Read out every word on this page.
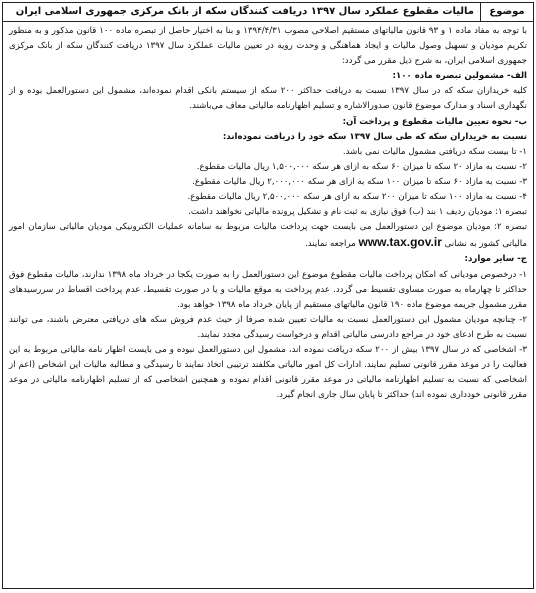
موضوع
مالیات مقطوع عملکرد سال ۱۳۹۷ دریافت کنندگان سکه از بانک مرکزی جمهوری اسلامی ایران

با توجه به مفاد ماده ۱ و ۹۳ قانون مالیاتهای مستقیم اصلاحی مصوب ۱۳۹۴/۴/۳۱ و بنا به اختیار حاصل از تبصره ماده ۱۰۰ قانون مذکور و به منظور تکریم مودیان و تسهیل وصول مالیات و ایجاد هماهنگی و وحدت رویه در تعیین مالیات عملکرد سال ۱۳۹۷ دریافت کنندگان سکه از بانک مرکزی جمهوری اسلامی ایران، به شرح ذیل مقرر می گردد:

الف- مشمولین تبصره ماده ۱۰۰:

کلیه خریداران سکه که در سال ۱۳۹۷ نسبت به دریافت حداکثر ۲۰۰ سکه از سیستم بانکی اقدام نموده‌اند، مشمول این دستورالعمل بوده و از نگهداری اسناد و مدارک موضوع قانون صدورالاشاره و تسلیم اظهارنامه مالیاتی معاف می‌باشند.

ب- نحوه تعیین مالیات مقطوع و پرداخت آن:

نسبت به خریداران سکه که طی سال ۱۳۹۷ سکه خود را دریافت نموده‌اند:

۱- تا بیست سکه دریافتی مشمول مالیات نمی باشد.

۲- نسبت به مازاد ۲۰ سکه تا میزان ۶۰ سکه به ازای هر سکه ۱,۵۰۰,۰۰۰ ریال مالیات مقطوع.

۳- نسبت به مازاد ۶۰ سکه تا میزان ۱۰۰ سکه به ازای هر سکه ۲,۰۰۰,۰۰۰ ریال مالیات مقطوع.

۴- نسبت به مازاد ۱۰۰ سکه تا میزان ۲۰۰ سکه به ازای هر سکه ۲,۵۰۰,۰۰۰ ریال مالیات مقطوع.

تبصره ۱: مودیان ردیف ۱ بند (ب) فوق نیازی به ثبت نام و تشکیل پرونده مالیاتی نخواهند داشت.

تبصره ۲: مودیان موضوع این دستورالعمل می بایست جهت پرداخت مالیات مربوط به سامانه عملیات الکترونیکی مودیان مالیاتی سازمان امور مالیاتی کشور به نشانی www.tax.gov.ir مراجعه نمایند.

ج- سایر موارد:

۱- درخصوص مودیانی که امکان پرداخت مالیات مقطوع موضوع این دستورالعمل را به صورت یکجا در خرداد ماه ۱۳۹۸ ندارند، مالیات مقطوع فوق حداکثر تا چهارماه به صورت مساوی تقسیط می گردد. عدم پرداخت به موقع مالیات و یا در صورت تقسیط، عدم پرداخت اقساط در سررسیدهای مقرر مشمول جریمه موضوع ماده ۱۹۰ قانون مالیاتهای مستقیم از پایان خرداد ماه ۱۳۹۸ خواهد بود.

۲- چنانچه مودیان مشمول این دستورالعمل نسبت به مالیات تعیین شده صرفا از حیث عدم فروش سکه های دریافتی معترض باشند، می توانند نسبت به طرح ادعای خود در مراجع دادرسی مالیاتی اقدام و درخواست رسیدگی مجدد نمایند.

۳- اشخاصی که در سال ۱۳۹۷ بیش از ۲۰۰ سکه دریافت نموده اند، مشمول این دستورالعمل نبوده و می بایست اظهار نامه مالیاتی مربوط به این فعالیت را در موعد مقرر قانونی تسلیم نمایند. ادارات کل امور مالیاتی مکلفند ترتیبی اتخاذ نمایند تا رسیدگی و مطالبه مالیات این اشخاص (اعم از اشخاصی که نسبت به تسلیم اظهارنامه مالیاتی در موعد مقرر قانونی اقدام نموده و همچنین اشخاصی که از تسلیم اظهارنامه مالیاتی در موعد مقرر قانونی خودداری نموده اند) حداکثر تا پایان سال جاری انجام گیرد.
